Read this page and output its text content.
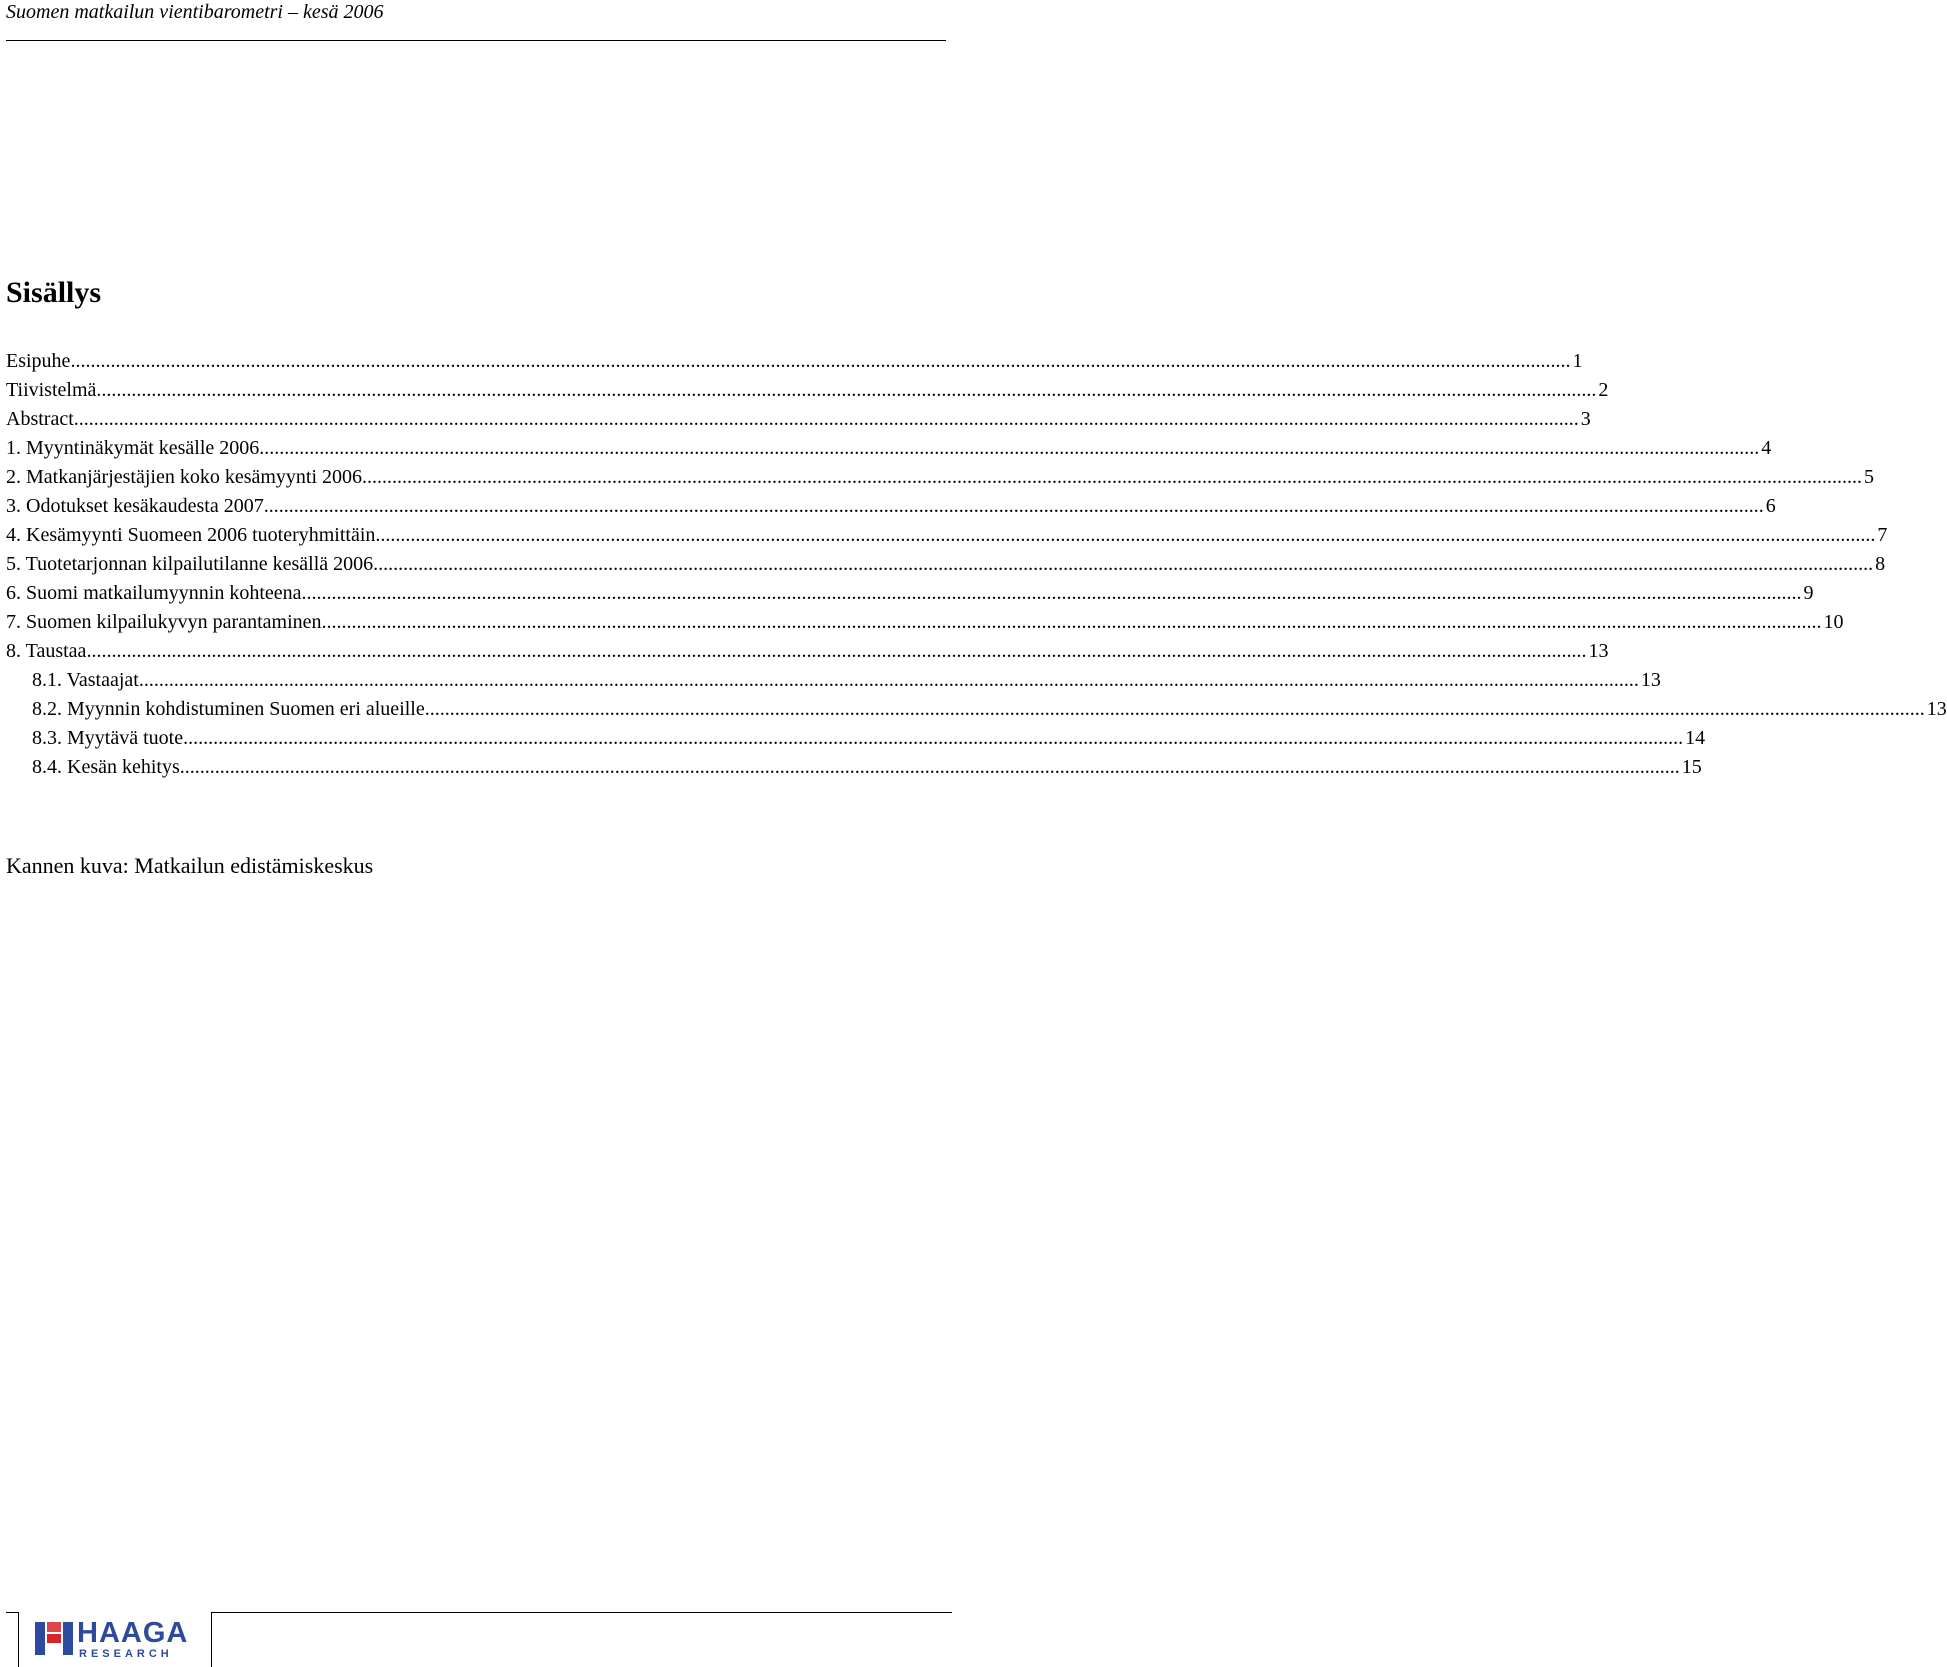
Suomen matkailun vientibarometri – kesä 2006
Sisällys
Esipuhe ............................................................................................................................................................................................................................................................................................................ 1
Tiivistelmä ............................................................................................................................................................................................................................................................................................................ 2
Abstract. ............................................................................................................................................................................................................................................................................................................ 3
1. Myyntinäkymät kesälle 2006 ............................................................................................................................................................................................................................................................................................................ 4
2. Matkanjärjestäjien koko kesämyynti 2006 ............................................................................................................................................................................................................................................................................................................ 5
3. Odotukset kesäkaudesta 2007 ............................................................................................................................................................................................................................................................................................................ 6
4. Kesämyynti Suomeen 2006 tuoteryhmittäin ............................................................................................................................................................................................................................................................................................................ 7
5. Tuotetarjonnan kilpailutilanne kesällä 2006 ............................................................................................................................................................................................................................................................................................................ 8
6. Suomi matkailumyynnin kohteena ............................................................................................................................................................................................................................................................................................................ 9
7. Suomen kilpailukyvyn parantaminen ............................................................................................................................................................................................................................................................................................................ 10
8. Taustaa ............................................................................................................................................................................................................................................................................................................ 13
8.1. Vastaajat ............................................................................................................................................................................................................................................................................................................ 13
8.2. Myynnin kohdistuminen Suomen eri alueille ............................................................................................................................................................................................................................................................................................................ 13
8.3. Myytävä tuote ............................................................................................................................................................................................................................................................................................................ 14
8.4. Kesän kehitys ............................................................................................................................................................................................................................................................................................................ 15
Kannen kuva: Matkailun edistämiskeskus
HAAGA
RESEARCH
